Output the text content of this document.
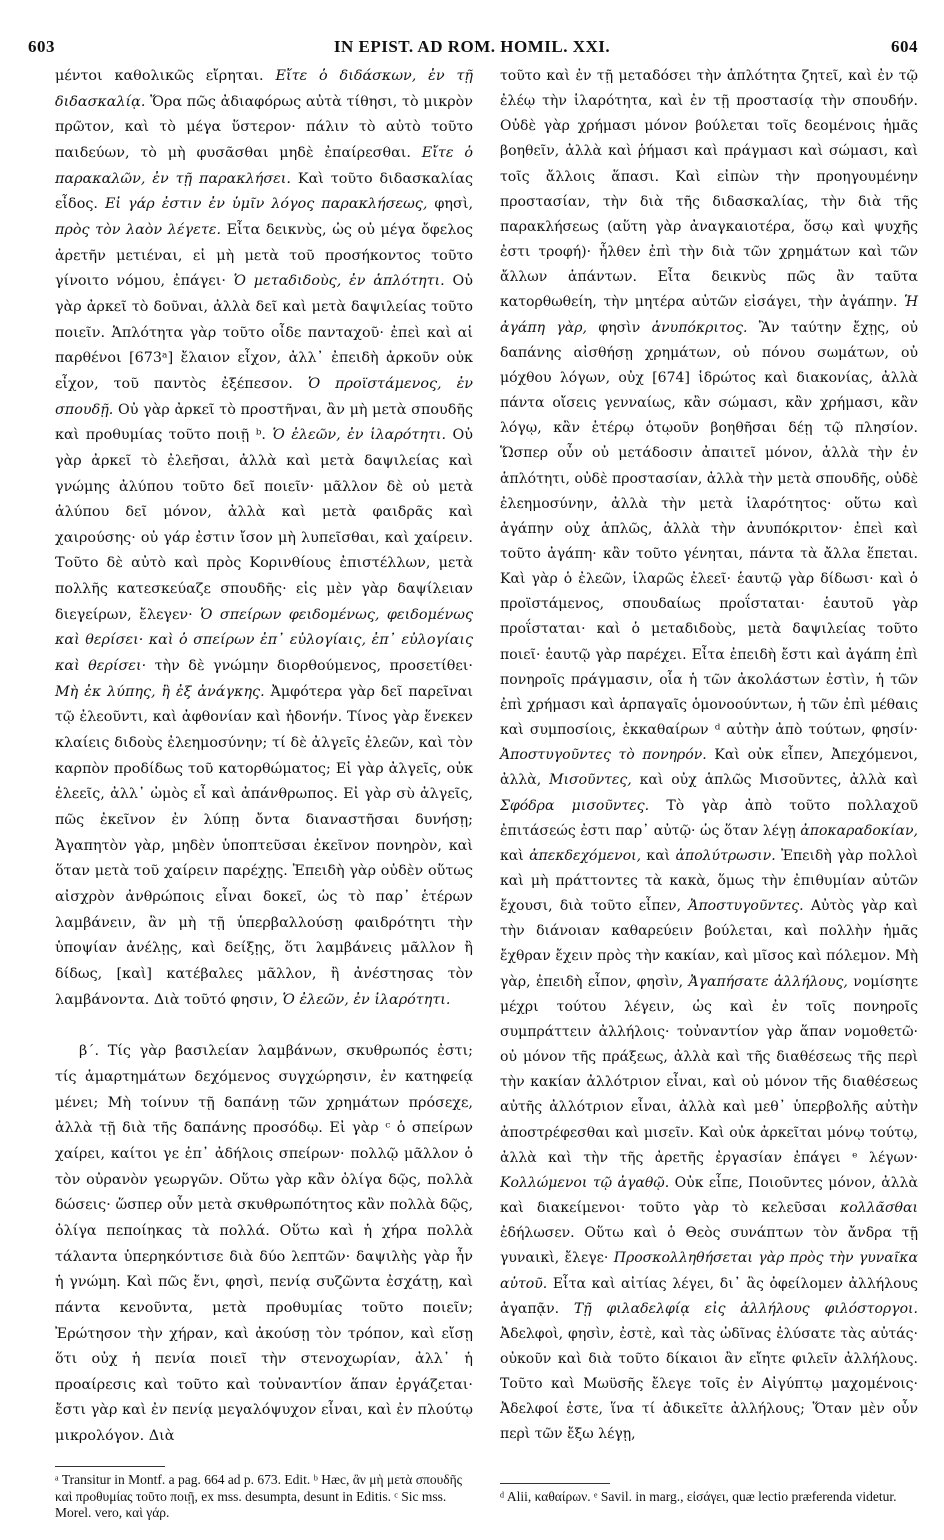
603	IN EPIST. AD ROM. HOMIL. XXI.	604

μέντοι καθολικῶς εἴρηται. Εἴτε ὁ διδάσκων, ἐν τῇ διδασκαλίᾳ. Ὅρα πῶς ἀδιαφόρως αὐτὰ τίθησι, τὸ μικρὸν πρῶτον, καὶ τὸ μέγα ὕστερον· πάλιν τὸ αὐτὸ τοῦτο παιδεύων, τὸ μὴ φυσᾶσθαι μηδὲ ἐπαίρεσθαι. Εἴτε ὁ παρακαλῶν, ἐν τῇ παρακλήσει. Καὶ τοῦτο διδασκαλίας εἶδος. Εἰ γάρ ἐστιν ἐν ὑμῖν λόγος παρακλήσεως, φησὶ, πρὸς τὸν λαὸν λέγετε. Εἶτα δεικνὺς, ὡς οὐ μέγα ὄφελος ἀρετῆν μετιέναι, εἰ μὴ μετὰ τοῦ προσήκοντος τοῦτο γίνοιτο νόμου, ἐπάγει· Ὁ μεταδιδοὺς, ἐν ἁπλότητι. Οὐ γὰρ ἀρκεῖ τὸ δοῦναι, ἀλλὰ δεῖ καὶ μετὰ δαψιλείας τοῦτο ποιεῖν. Ἁπλότητα γὰρ τοῦτο οἶδε πανταχοῦ· ἐπεὶ καὶ αἱ παρθένοι [673ᵃ] ἔλαιον εἶχον, ἀλλ᾽ ἐπειδὴ ἀρκοῦν οὐκ εἶχον, τοῦ παντὸς ἐξέπεσον. Ὁ προϊστάμενος, ἐν σπουδῇ. Οὐ γὰρ ἀρκεῖ τὸ προστῆναι, ἂν μὴ μετὰ σπουδῆς καὶ προθυμίας τοῦτο ποιῇ ᵇ. Ὁ ἐλεῶν, ἐν ἱλαρότητι. Οὐ γὰρ ἀρκεῖ τὸ ἐλεῆσαι, ἀλλὰ καὶ μετὰ δαψιλείας καὶ γνώμης ἀλύπου τοῦτο δεῖ ποιεῖν· μᾶλλον δὲ οὐ μετὰ ἀλύπου δεῖ μόνον, ἀλλὰ καὶ μετὰ φαιδρᾶς καὶ χαιρούσης· οὐ γάρ ἐστιν ἴσον μὴ λυπεῖσθαι, καὶ χαίρειν. Τοῦτο δὲ αὐτὸ καὶ πρὸς Κορινθίους ἐπιστέλλων, μετὰ πολλῆς κατεσκεύαζε σπουδῆς· εἰς μὲν γὰρ δαψίλειαν διεγείρων, ἔλεγεν· Ὁ σπείρων φειδομένως, φειδομένως καὶ θερίσει· καὶ ὁ σπείρων ἐπ᾽ εὐλογίαις, ἐπ᾽ εὐλογίαις καὶ θερίσει· τὴν δὲ γνώμην διορθούμενος, προσετίθει· Μὴ ἐκ λύπης, ἢ ἐξ ἀνάγκης. Ἀμφότερα γὰρ δεῖ παρεῖναι τῷ ἐλεοῦντι, καὶ ἀφθονίαν καὶ ἡδονήν. Τίνος γὰρ ἕνεκεν κλαίεις διδοὺς ἐλεημοσύνην; τί δὲ ἀλγεῖς ἐλεῶν, καὶ τὸν καρπὸν προδίδως τοῦ κατορθώματος; Εἰ γὰρ ἀλγεῖς, οὐκ ἐλεεῖς, ἀλλ᾽ ὠμὸς εἶ καὶ ἀπάνθρωπος. Εἰ γὰρ σὺ ἀλγεῖς, πῶς ἐκεῖνον ἐν λύπῃ ὄντα διαναστῆσαι δυνήσῃ; Ἀγαπητὸν γὰρ, μηδὲν ὑποπτεῦσαι ἐκεῖνον πονηρὸν, καὶ ὅταν μετὰ τοῦ χαίρειν παρέχῃς. Ἐπειδὴ γὰρ οὐδὲν οὕτως αἰσχρὸν ἀνθρώποις εἶναι δοκεῖ, ὡς τὸ παρ᾽ ἑτέρων λαμβάνειν, ἂν μὴ τῇ ὑπερβαλλούσῃ φαιδρότητι τὴν ὑποψίαν ἀνέλῃς, καὶ δείξῃς, ὅτι λαμβάνεις μᾶλλον ἢ δίδως, [καὶ] κατέβαλες μᾶλλον, ἢ ἀνέστησας τὸν λαμβάνοντα. Διὰ τοῦτό φησιν, Ὁ ἐλεῶν, ἐν ἱλαρότητι.

β´. Τίς γὰρ βασιλείαν λαμβάνων, σκυθρωπός ἐστι; τίς ἁμαρτημάτων δεχόμενος συγχώρησιν, ἐν κατηφείᾳ μένει; Μὴ τοίνυν τῇ δαπάνῃ τῶν χρημάτων πρόσεχε, ἀλλὰ τῇ διὰ τῆς δαπάνης προσόδῳ. Εἰ γὰρ ᶜ ὁ σπείρων χαίρει, καίτοι γε ἐπ᾽ ἀδήλοις σπείρων· πολλῷ μᾶλλον ὁ τὸν οὐρανὸν γεωργῶν. Οὕτω γὰρ κἂν ὀλίγα δῷς, πολλὰ δώσεις· ὥσπερ οὖν μετὰ σκυθρωπότητος κἂν πολλὰ δῷς, ὀλίγα πεποίηκας τὰ πολλά. Οὕτω καὶ ἡ χήρα πολλὰ τάλαντα ὑπερηκόντισε διὰ δύο λεπτῶν· δαψιλὴς γὰρ ἦν ἡ γνώμη. Καὶ πῶς ἔνι, φησὶ, πενίᾳ συζῶντα ἐσχάτῃ, καὶ πάντα κενοῦντα, μετὰ προθυμίας τοῦτο ποιεῖν; Ἐρώτησον τὴν χήραν, καὶ ἀκούσῃ τὸν τρόπον, καὶ εἴσῃ ὅτι οὐχ ἡ πενία ποιεῖ τὴν στενοχωρίαν, ἀλλ᾽ ἡ προαίρεσις καὶ τοῦτο καὶ τοὐναντίον ἅπαν ἐργάζεται· ἔστι γὰρ καὶ ἐν πενίᾳ μεγαλόψυχον εἶναι, καὶ ἐν πλούτῳ μικρολόγον. Διὰ

τοῦτο καὶ ἐν τῇ μεταδόσει τὴν ἁπλότητα ζητεῖ, καὶ ἐν τῷ ἐλέῳ τὴν ἱλαρότητα, καὶ ἐν τῇ προστασίᾳ τὴν σπουδήν. Οὐδὲ γὰρ χρήμασι μόνον βούλεται τοῖς δεομένοις ἡμᾶς βοηθεῖν, ἀλλὰ καὶ ῥήμασι καὶ πράγμασι καὶ σώμασι, καὶ τοῖς ἄλλοις ἅπασι. Καὶ εἰπὼν τὴν προηγουμένην προστασίαν, τὴν διὰ τῆς διδασκαλίας, τὴν διὰ τῆς παρακλήσεως (αὕτη γὰρ ἀναγκαιοτέρα, ὅσῳ καὶ ψυχῆς ἐστι τροφή)· ἦλθεν ἐπὶ τὴν διὰ τῶν χρημάτων καὶ τῶν ἄλλων ἁπάντων. Εἶτα δεικνὺς πῶς ἂν ταῦτα κατορθωθείη, τὴν μητέρα αὐτῶν εἰσάγει, τὴν ἀγάπην. Ἡ ἀγάπη γὰρ, φησὶν ἀνυπόκριτος. Ἂν ταύτην ἔχῃς, οὐ δαπάνης αἰσθήσῃ χρημάτων, οὐ πόνου σωμάτων, οὐ μόχθου λόγων, οὐχ [674] ἱδρώτος καὶ διακονίας, ἀλλὰ πάντα οἴσεις γενναίως, κἂν σώμασι, κἂν χρήμασι, κἂν λόγῳ, κἂν ἑτέρῳ ὁτῳοῦν βοηθῆσαι δέῃ τῷ πλησίον. Ὥσπερ οὖν οὐ μετάδοσιν ἀπαιτεῖ μόνον, ἀλλὰ τὴν ἐν ἁπλότητι, οὐδὲ προστασίαν, ἀλλὰ τὴν μετὰ σπουδῆς, οὐδὲ ἐλεημοσύνην, ἀλλὰ τὴν μετὰ ἱλαρότητος· οὕτω καὶ ἀγάπην οὐχ ἁπλῶς, ἀλλὰ τὴν ἀνυπόκριτον· ἐπεὶ καὶ τοῦτο ἀγάπη· κἂν τοῦτο γένηται, πάντα τὰ ἄλλα ἕπεται. Καὶ γὰρ ὁ ἐλεῶν, ἱλαρῶς ἐλεεῖ· ἑαυτῷ γὰρ δίδωσι· καὶ ὁ προϊστάμενος, σπουδαίως προΐσταται· ἑαυτοῦ γὰρ προΐσταται· καὶ ὁ μεταδιδοὺς, μετὰ δαψιλείας τοῦτο ποιεῖ· ἑαυτῷ γὰρ παρέχει. Εἶτα ἐπειδὴ ἔστι καὶ ἀγάπη ἐπὶ πονηροῖς πράγμασιν, οἷα ἡ τῶν ἀκολάστων ἐστὶν, ἡ τῶν ἐπὶ χρήμασι καὶ ἁρπαγαῖς ὁμονοούντων, ἡ τῶν ἐπὶ μέθαις καὶ συμποσίοις, ἐκκαθαίρων ᵈ αὐτὴν ἀπὸ τούτων, φησίν· Ἀποστυγοῦντες τὸ πονηρόν. Καὶ οὐκ εἶπεν, Ἀπεχόμενοι, ἀλλὰ, Μισοῦντες, καὶ οὐχ ἁπλῶς Μισοῦντες, ἀλλὰ καὶ Σφόδρα μισοῦντες. Τὸ γὰρ ἀπὸ τοῦτο πολλαχοῦ ἐπιτάσεώς ἐστι παρ᾽ αὐτῷ· ὡς ὅταν λέγῃ ἀποκαραδοκίαν, καὶ ἀπεκδεχόμενοι, καὶ ἀπολύτρωσιν. Ἐπειδὴ γὰρ πολλοὶ καὶ μὴ πράττοντες τὰ κακὰ, ὅμως τὴν ἐπιθυμίαν αὐτῶν ἔχουσι, διὰ τοῦτο εἶπεν, Ἀποστυγοῦντες. Αὐτὸς γὰρ καὶ τὴν διάνοιαν καθαρεύειν βούλεται, καὶ πολλὴν ἡμᾶς ἔχθραν ἔχειν πρὸς τὴν κακίαν, καὶ μῖσος καὶ πόλεμον. Μὴ γὰρ, ἐπειδὴ εἶπον, φησὶν, Ἀγαπήσατε ἀλλήλους, νομίσητε μέχρι τούτου λέγειν, ὡς καὶ ἐν τοῖς πονηροῖς συμπράττειν ἀλλήλοις· τοὐναντίον γὰρ ἅπαν νομοθετῶ· οὐ μόνον τῆς πράξεως, ἀλλὰ καὶ τῆς διαθέσεως τῆς περὶ τὴν κακίαν ἀλλότριον εἶναι, καὶ οὐ μόνον τῆς διαθέσεως αὐτῆς ἀλλότριον εἶναι, ἀλλὰ καὶ μεθ᾽ ὑπερβολῆς αὐτὴν ἀποστρέφεσθαι καὶ μισεῖν. Καὶ οὐκ ἀρκεῖται μόνῳ τούτῳ, ἀλλὰ καὶ τὴν τῆς ἀρετῆς ἐργασίαν ἐπάγει ᵉ λέγων· Κολλώμενοι τῷ ἀγαθῷ. Οὐκ εἶπε, Ποιοῦντες μόνον, ἀλλὰ καὶ διακείμενοι· τοῦτο γὰρ τὸ κελεῦσαι κολλᾶσθαι ἐδήλωσεν. Οὕτω καὶ ὁ Θεὸς συνάπτων τὸν ἄνδρα τῇ γυναικὶ, ἔλεγε· Προσκολληθήσεται γὰρ πρὸς τὴν γυναῖκα αὐτοῦ. Εἶτα καὶ αἰτίας λέγει, δι᾽ ἃς ὀφείλομεν ἀλλήλους ἀγαπᾷν. Τῇ φιλαδελφίᾳ εἰς ἀλλήλους φιλόστοργοι. Ἀδελφοὶ, φησὶν, ἐστὲ, καὶ τὰς ὠδῖνας ἐλύσατε τὰς αὐτάς· οὐκοῦν καὶ διὰ τοῦτο δίκαιοι ἂν εἴητε φιλεῖν ἀλλήλους. Τοῦτο καὶ Μωϋσῆς ἔλεγε τοῖς ἐν Αἰγύπτῳ μαχομένοις· Ἀδελφοί ἐστε, ἵνα τί ἀδικεῖτε ἀλλήλους; Ὅταν μὲν οὖν περὶ τῶν ἔξω λέγῃ,

ᵃ Transitur in Montf. a pag. 664 ad p. 673. Edit. ᵇ Hæc, ἂν μὴ μετὰ σπουδῆς καὶ προθυμίας τοῦτο ποιῇ, ex mss. desumpta, desunt in Editis. ᶜ Sic mss. Morel. vero, καὶ γάρ.
ᵈ Alii, καθαίρων. ᵉ Savil. in marg., εἰσάγει, quæ lectio præferenda videtur.
